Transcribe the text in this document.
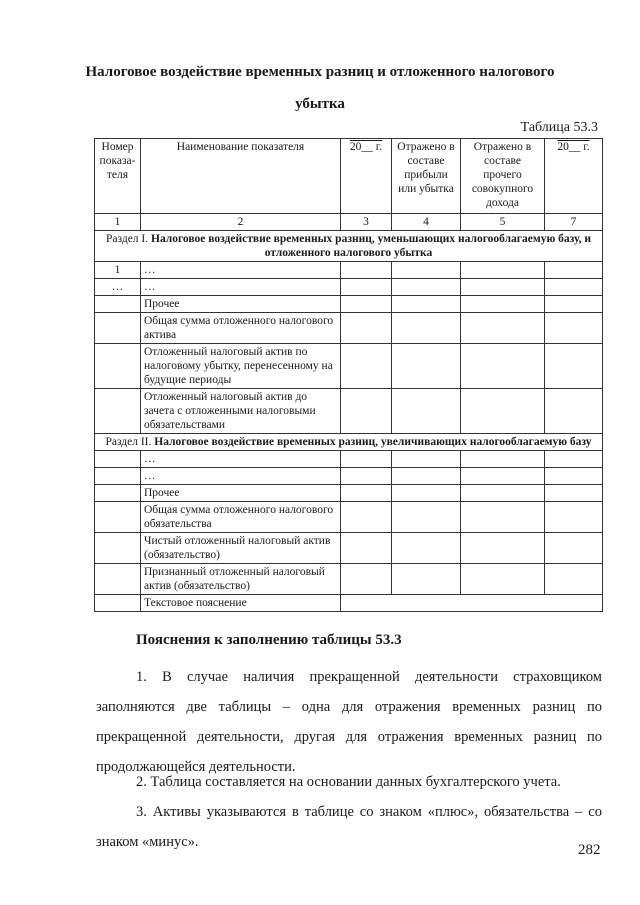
Налоговое воздействие временных разниц и отложенного налогового
убытка
Таблица 53.3
Номер показа-теля	Наименование показателя	20__ г.	Отражено в составе прибыли или убытка	Отражено в составе прочего совокупного дохода	20__ г.
1	2	3	4	5	7
Раздел I. Налоговое воздействие временных разниц, уменьшающих налогооблагаемую базу, и отложенного налогового убытка					
1	…				
…	…				
	Прочее				
	Общая сумма отложенного налогового актива				
	Отложенный налоговый актив по налоговому убытку, перенесенному на будущие периоды				
	Отложенный налоговый актив до зачета с отложенными налоговыми обязательствами				
Раздел II. Налоговое воздействие временных разниц, увеличивающих налогооблагаемую базу					
	…				
	…				
	Прочее				
	Общая сумма отложенного налогового обязательства				
	Чистый отложенный налоговый актив (обязательство)				
	Признанный отложенный налоговый актив (обязательство)				
	Текстовое пояснение				
Пояснения к заполнению таблицы 53.3
1. В случае наличия прекращенной деятельности страховщиком заполняются две таблицы – одна для отражения временных разниц по прекращенной деятельности, другая для отражения временных разниц по продолжающейся деятельности.
2. Таблица составляется на основании данных бухгалтерского учета.
3. Активы указываются в таблице со знаком «плюс», обязательства – со знаком «минус».	282
